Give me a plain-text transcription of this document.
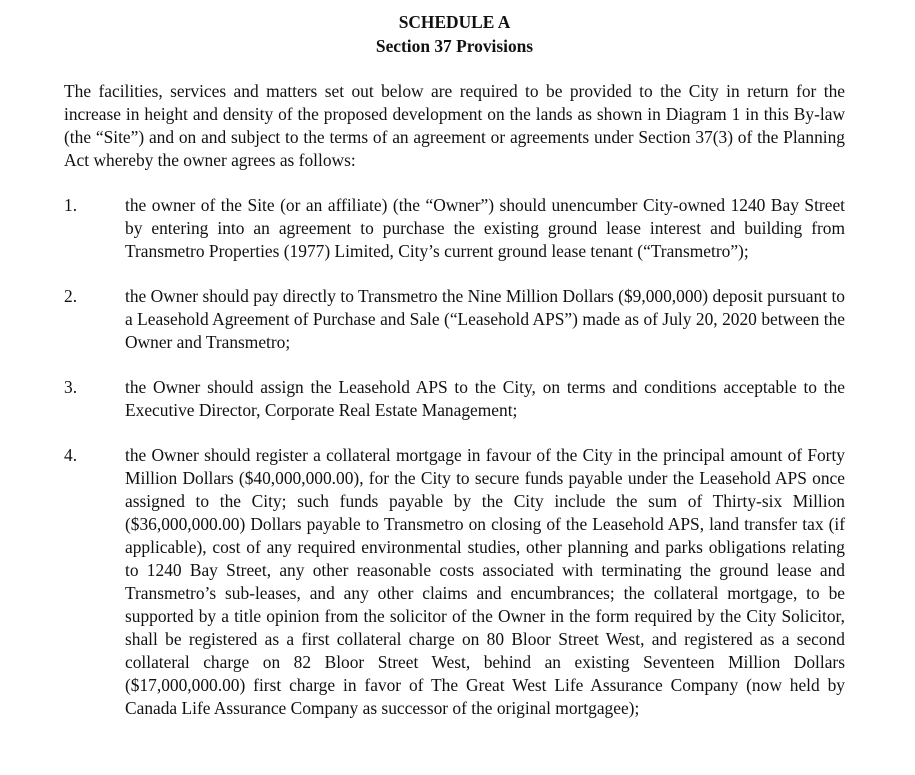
SCHEDULE A
Section 37 Provisions
The facilities, services and matters set out below are required to be provided to the City in return for the increase in height and density of the proposed development on the lands as shown in Diagram 1 in this By-law (the “Site”) and on and subject to the terms of an agreement or agreements under Section 37(3) of the Planning Act whereby the owner agrees as follows:
1.	the owner of the Site (or an affiliate) (the “Owner”) should unencumber City-owned 1240 Bay Street by entering into an agreement to purchase the existing ground lease interest and building from Transmetro Properties (1977) Limited, City’s current ground lease tenant (“Transmetro”);
2.	the Owner should pay directly to Transmetro the Nine Million Dollars ($9,000,000) deposit pursuant to a Leasehold Agreement of Purchase and Sale (“Leasehold APS”) made as of July 20, 2020 between the Owner and Transmetro;
3.	the Owner should assign the Leasehold APS to the City, on terms and conditions acceptable to the Executive Director, Corporate Real Estate Management;
4.	the Owner should register a collateral mortgage in favour of the City in the principal amount of Forty Million Dollars ($40,000,000.00), for the City to secure funds payable under the Leasehold APS once assigned to the City; such funds payable by the City include the sum of Thirty-six Million ($36,000,000.00) Dollars payable to Transmetro on closing of the Leasehold APS, land transfer tax (if applicable), cost of any required environmental studies, other planning and parks obligations relating to 1240 Bay Street, any other reasonable costs associated with terminating the ground lease and Transmetro’s sub-leases, and any other claims and encumbrances; the collateral mortgage, to be supported by a title opinion from the solicitor of the Owner in the form required by the City Solicitor, shall be registered as a first collateral charge on 80 Bloor Street West, and registered as a second collateral charge on 82 Bloor Street West, behind an existing Seventeen Million Dollars ($17,000,000.00) first charge in favor of The Great West Life Assurance Company (now held by Canada Life Assurance Company as successor of the original mortgagee);
